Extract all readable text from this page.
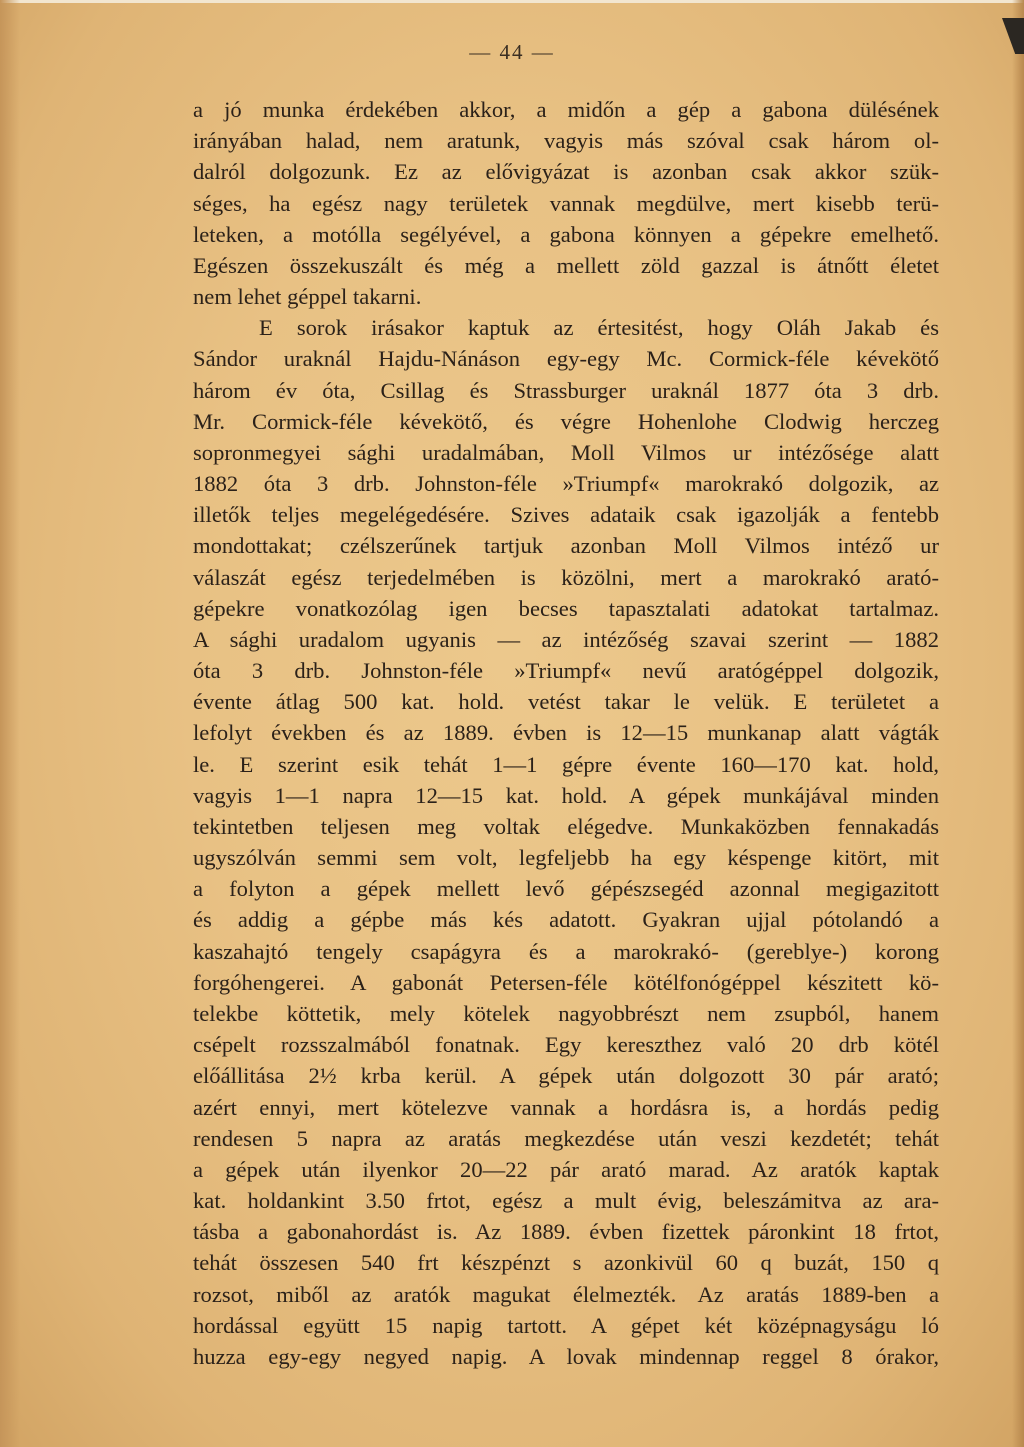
— 44 —
a jó munka érdekében akkor, a midőn a gép a gabona dülésének
irányában halad, nem aratunk, vagyis más szóval csak három ol-
dalról dolgozunk. Ez az elővigyázat is azonban csak akkor szük-
séges, ha egész nagy területek vannak megdülve, mert kisebb terü-
leteken, a motólla segélyével, a gabona könnyen a gépekre emelhető.
Egészen összekuszált és még a mellett zöld gazzal is átnőtt életet
nem lehet géppel takarni.
E sorok irásakor kaptuk az értesitést, hogy Oláh Jakab és
Sándor uraknál Hajdu-Nánáson egy-egy Mc. Cormick-féle kévekötő
három év óta, Csillag és Strassburger uraknál 1877 óta 3 drb.
Mr. Cormick-féle kévekötő, és végre Hohenlohe Clodwig herczeg
sopronmegyei sághi uradalmában, Moll Vilmos ur intézősége alatt
1882 óta 3 drb. Johnston-féle »Triumpf« marokrakó dolgozik, az
illetők teljes megelégedésére. Szives adataik csak igazolják a fentebb
mondottakat; czélszerűnek tartjuk azonban Moll Vilmos intéző ur
válaszát egész terjedelmében is közölni, mert a marokrakó arató-
gépekre vonatkozólag igen becses tapasztalati adatokat tartalmaz.
A sághi uradalom ugyanis — az intézőség szavai szerint — 1882
óta 3 drb. Johnston-féle »Triumpf« nevű aratógéppel dolgozik,
évente átlag 500 kat. hold. vetést takar le velük. E területet a
lefolyt években és az 1889. évben is 12—15 munkanap alatt vágták
le. E szerint esik tehát 1—1 gépre évente 160—170 kat. hold,
vagyis 1—1 napra 12—15 kat. hold. A gépek munkájával minden
tekintetben teljesen meg voltak elégedve. Munkaközben fennakadás
ugyszólván semmi sem volt, legfeljebb ha egy késpenge kitört, mit
a folyton a gépek mellett levő gépészsegéd azonnal megigazitott
és addig a gépbe más kés adatott. Gyakran ujjal pótolandó a
kaszahajtó tengely csapágyra és a marokrakó- (gereblye-) korong
forgóhengerei. A gabonát Petersen-féle kötélfonógéppel készitett kö-
telekbe köttetik, mely kötelek nagyobbrészt nem zsupból, hanem
csépelt rozsszalmából fonatnak. Egy kereszthez való 20 drb kötél
előállitása 2½ krba kerül. A gépek után dolgozott 30 pár arató;
azért ennyi, mert kötelezve vannak a hordásra is, a hordás pedig
rendesen 5 napra az aratás megkezdése után veszi kezdetét; tehát
a gépek után ilyenkor 20—22 pár arató marad. Az aratók kaptak
kat. holdankint 3.50 frtot, egész a mult évig, beleszámitva az ara-
tásba a gabonahordást is. Az 1889. évben fizettek páronkint 18 frtot,
tehát összesen 540 frt készpénzt s azonkivül 60 q buzát, 150 q
rozsot, miből az aratók magukat élelmezték. Az aratás 1889-ben a
hordással együtt 15 napig tartott. A gépet két középnagyságu ló
huzza egy-egy negyed napig. A lovak mindennap reggel 8 órakor,
